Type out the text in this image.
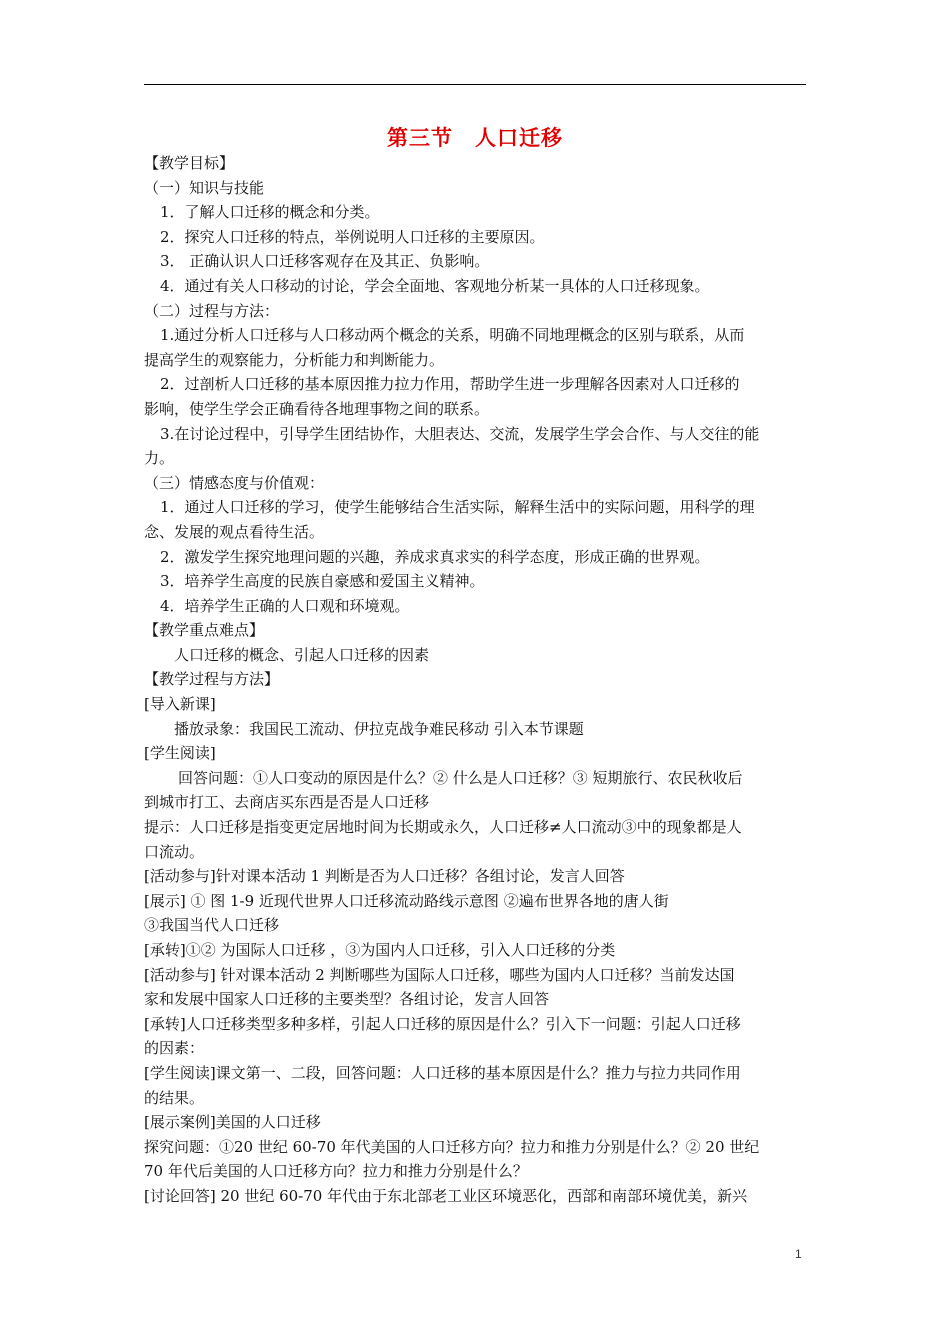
第三节 人口迁移
【教学目标】
（一）知识与技能
1．了解人口迁移的概念和分类。
2．探究人口迁移的特点，举例说明人口迁移的主要原因。
3． 正确认识人口迁移客观存在及其正、负影响。
4．通过有关人口移动的讨论，学会全面地、客观地分析某一具体的人口迁移现象。
（二）过程与方法：
1.通过分析人口迁移与人口移动两个概念的关系，明确不同地理概念的区别与联系，从而
提高学生的观察能力，分析能力和判断能力。
2．过剖析人口迁移的基本原因推力拉力作用，帮助学生进一步理解各因素对人口迁移的
影响，使学生学会正确看待各地理事物之间的联系。
3.在讨论过程中，引导学生团结协作，大胆表达、交流，发展学生学会合作、与人交往的能
力。
（三）情感态度与价值观：
1．通过人口迁移的学习，使学生能够结合生活实际，解释生活中的实际问题，用科学的理
念、发展的观点看待生活。
2．激发学生探究地理问题的兴趣，养成求真求实的科学态度，形成正确的世界观。
3．培养学生高度的民族自豪感和爱国主义精神。
4．培养学生正确的人口观和环境观。
【教学重点难点】
人口迁移的概念、引起人口迁移的因素
【教学过程与方法】
[导入新课]
播放录象：我国民工流动、伊拉克战争难民移动 引入本节课题
[学生阅读]
回答问题：①人口变动的原因是什么？② 什么是人口迁移？③ 短期旅行、农民秋收后
到城市打工、去商店买东西是否是人口迁移
提示：人口迁移是指变更定居地时间为长期或永久，人口迁移≠人口流动③中的现象都是人
口流动。
[活动参与]针对课本活动 1 判断是否为人口迁移？各组讨论，发言人回答
[展示] ① 图 1-9 近现代世界人口迁移流动路线示意图 ②遍布世界各地的唐人街
③我国当代人口迁移
[承转]①② 为国际人口迁移 ，③为国内人口迁移，引入人口迁移的分类
[活动参与] 针对课本活动 2 判断哪些为国际人口迁移，哪些为国内人口迁移？当前发达国
家和发展中国家人口迁移的主要类型？各组讨论，发言人回答
[承转]人口迁移类型多种多样，引起人口迁移的原因是什么？引入下一问题：引起人口迁移
的因素：
[学生阅读]课文第一、二段，回答问题：人口迁移的基本原因是什么？推力与拉力共同作用
的结果。
[展示案例]美国的人口迁移
探究问题：①20 世纪 60-70 年代美国的人口迁移方向？拉力和推力分别是什么？② 20 世纪
70 年代后美国的人口迁移方向？拉力和推力分别是什么？
[讨论回答] 20 世纪 60-70 年代由于东北部老工业区环境恶化，西部和南部环境优美，新兴
1
